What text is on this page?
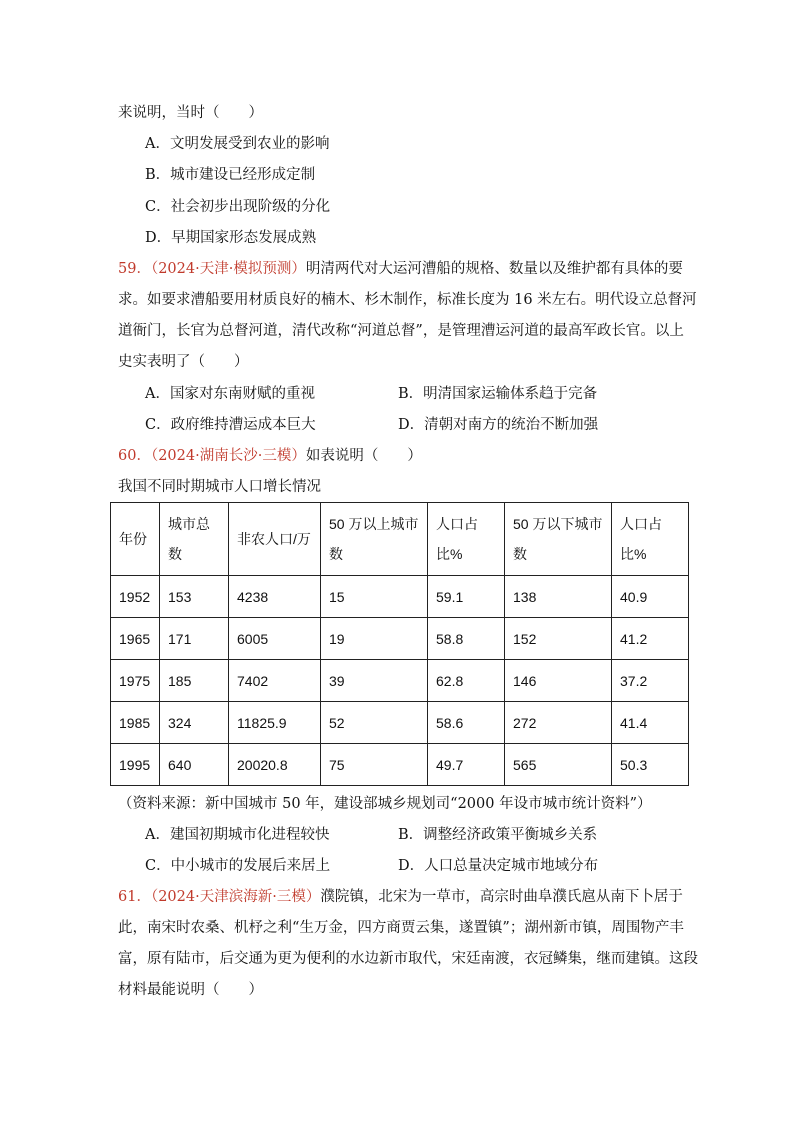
来说明，当时（　　）
A．文明发展受到农业的影响
B．城市建设已经形成定制
C．社会初步出现阶级的分化
D．早期国家形态发展成熟
59．（2024·天津·模拟预测）明清两代对大运河漕船的规格、数量以及维护都有具体的要
求。如要求漕船要用材质良好的楠木、杉木制作，标准长度为 16 米左右。明代设立总督河
道衙门，长官为总督河道，清代改称“河道总督”，是管理漕运河道的最高军政长官。以上
史实表明了（　　）
A．国家对东南财赋的重视	B．明清国家运输体系趋于完备
C．政府维持漕运成本巨大	D．清朝对南方的统治不断加强
60．（2024·湖南长沙·三模）如表说明（　　）
我国不同时期城市人口增长情况
年份	城市总数	非农人口/万	50 万以上城市数	人口占比%	50 万以下城市数	人口占比%
1952	153	4238	15	59.1	138	40.9
1965	171	6005	19	58.8	152	41.2
1975	185	7402	39	62.8	146	37.2
1985	324	11825.9	52	58.6	272	41.4
1995	640	20020.8	75	49.7	565	50.3
（资料来源：新中国城市 50 年，建设部城乡规划司“2000 年设市城市统计资料”）
A．建国初期城市化进程较快	B．调整经济政策平衡城乡关系
C．中小城市的发展后来居上	D．人口总量决定城市地域分布
61．（2024·天津滨海新·三模）濮院镇，北宋为一草市，高宗时曲阜濮氏扈从南下卜居于
此，南宋时农桑、机杼之利“生万金，四方商贾云集，遂置镇”；湖州新市镇，周围物产丰
富，原有陆市，后交通为更为便利的水边新市取代，宋廷南渡，衣冠鳞集，继而建镇。这段
材料最能说明（　　）
